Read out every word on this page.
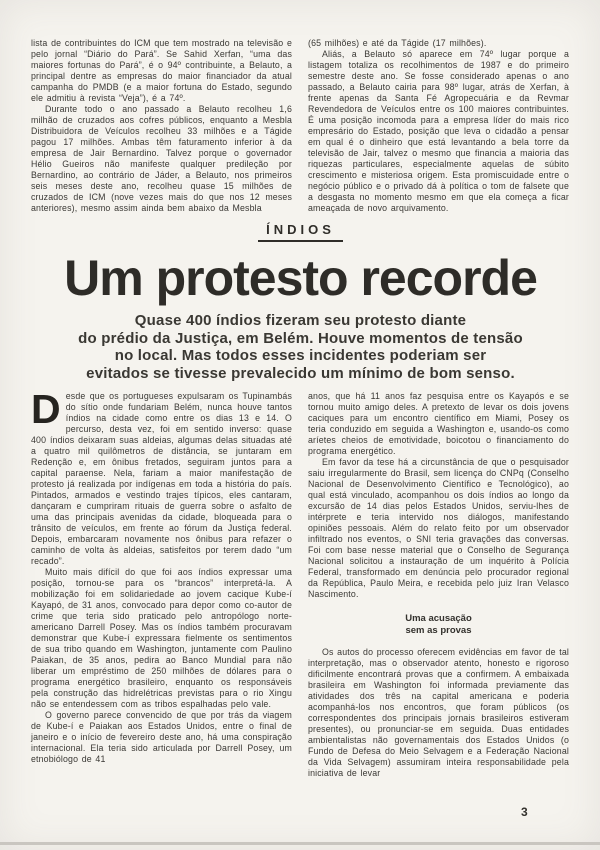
lista de contribuintes do ICM que tem mostrado na televisão e pelo jornal “Diário do Pará”. Se Sahid Xerfan, “uma das maiores fortunas do Pará”, é o 94º contribuinte, a Belauto, a principal dentre as empresas do maior financiador da atual campanha do PMDB (e a maior fortuna do Estado, segundo ele admitiu à revista “Veja”), é a 74º.

Durante todo o ano passado a Belauto recolheu 1,6 milhão de cruzados aos cofres públicos, enquanto a Mesbla Distribuidora de Veículos recolheu 33 milhões e a Tágide pagou 17 milhões. Ambas têm faturamento inferior à da empresa de Jair Bernardino. Talvez porque o governador Hélio Gueiros não manifeste qualquer predileção por Bernardino, ao contrário de Jáder, a Belauto, nos primeiros seis meses deste ano, recolheu quase 15 milhões de cruzados de ICM (nove vezes mais do que nos 12 meses anteriores), mesmo assim ainda bem abaixo da Mesbla

(65 milhões) e até da Tágide (17 milhões).

Aliás, a Belauto só aparece em 74º lugar porque a listagem totaliza os recolhimentos de 1987 e do primeiro semestre deste ano. Se fosse considerado apenas o ano passado, a Belauto cairia para 98º lugar, atrás de Xerfan, à frente apenas da Santa Fé Agropecuária e da Revmar Revendedora de Veículos entre os 100 maiores contribuintes. É uma posição incomoda para a empresa líder do mais rico empresário do Estado, posição que leva o cidadão a pensar em qual é o dinheiro que está levantando a bela torre da televisão de Jair, talvez o mesmo que financia a maioria das riquezas particulares, especialmente aquelas de súbito crescimento e misteriosa origem. Esta promiscuidade entre o negócio público e o privado dá à política o tom de falsete que a desgasta no momento mesmo em que ela começa a ficar ameaçada de novo arquivamento.

ÍNDIOS
Um protesto recorde
Quase 400 índios fizeram seu protesto diante
do prédio da Justiça, em Belém. Houve momentos de tensão
no local. Mas todos esses incidentes poderiam ser
evitados se tivesse prevalecido um mínimo de bom senso.

Desde que os portugueses expulsaram os Tupinambás do sítio onde fundariam Belém, nunca houve tantos índios na cidade como entre os dias 13 e 14. O percurso, desta vez, foi em sentido inverso: quase 400 índios deixaram suas aldeias, algumas delas situadas até a quatro mil quilômetros de distância, se juntaram em Redenção e, em ônibus fretados, seguiram juntos para a capital paraense. Nela, fariam a maior manifestação de protesto já realizada por indígenas em toda a história do país. Pintados, armados e vestindo trajes típicos, eles cantaram, dançaram e cumpriram rituais de guerra sobre o asfalto de uma das principais avenidas da cidade, bloqueada para o trânsito de veículos, em frente ao fórum da Justiça federal. Depois, embarcaram novamente nos ônibus para refazer o caminho de volta às aldeias, satisfeitos por terem dado “um recado”.

Muito mais difícil do que foi aos índios expressar uma posição, tornou-se para os “brancos” interpretá-la. A mobilização foi em solidariedade ao jovem cacique Kube-í Kayapó, de 31 anos, convocado para depor como co-autor de crime que teria sido praticado pelo antropólogo norte-americano Darrell Posey. Mas os índios também procuravam demonstrar que Kube-í expressara fielmente os sentimentos de sua tribo quando em Washington, juntamente com Paulino Paiakan, de 35 anos, pedira ao Banco Mundial para não liberar um empréstimo de 250 milhões de dólares para o programa energético brasileiro, enquanto os responsáveis pela construção das hidrelétricas previstas para o rio Xingu não se entendessem com as tribos espalhadas pelo vale.

O governo parece convencido de que por trás da viagem de Kube-í e Paiakan aos Estados Unidos, entre o final de janeiro e o início de fevereiro deste ano, há uma conspiração internacional. Ela teria sido articulada por Darrell Posey, um etnobiólogo de 41

anos, que há 11 anos faz pesquisa entre os Kayapós e se tornou muito amigo deles. A pretexto de levar os dois jovens caciques para um encontro científico em Miami, Posey os teria conduzido em seguida a Washington e, usando-os como aríetes cheios de emotividade, boicotou o financiamento do programa energético.

Em favor da tese há a circunstância de que o pesquisador saiu irregularmente do Brasil, sem licença do CNPq (Conselho Nacional de Desenvolvimento Científico e Tecnológico), ao qual está vinculado, acompanhou os dois índios ao longo da excursão de 14 dias pelos Estados Unidos, serviu-lhes de intérprete e teria intervido nos diálogos, manifestando opiniões pessoais. Além do relato feito por um observador infiltrado nos eventos, o SNI teria gravações das conversas. Foi com base nesse material que o Conselho de Segurança Nacional solicitou a instauração de um inquérito à Polícia Federal, transformado em denúncia pelo procurador regional da República, Paulo Meira, e recebida pelo juiz Iran Velasco Nascimento.

Uma acusação
sem as provas

Os autos do processo oferecem evidências em favor de tal interpretação, mas o observador atento, honesto e rigoroso dificilmente encontrará provas que a confirmem. A embaixada brasileira em Washington foi informada previamente das atividades dos três na capital americana e poderia acompanhá-los nos encontros, que foram públicos (os correspondentes dos principais jornais brasileiros estiveram presentes), ou pronunciar-se em seguida. Duas entidades ambientalistas não governamentais dos Estados Unidos (o Fundo de Defesa do Meio Selvagem e a Federação Nacional da Vida Selvagem) assumiram inteira responsabilidade pela iniciativa de levar

3
